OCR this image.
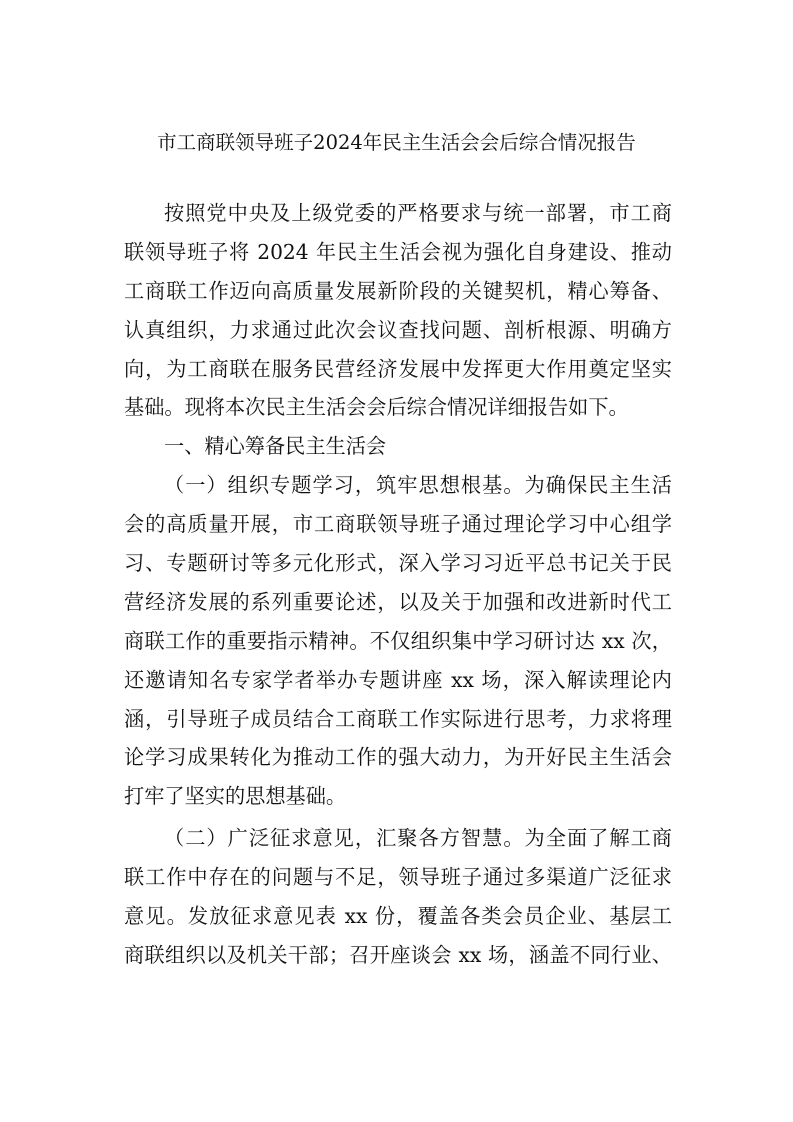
市工商联领导班子2024年民主生活会会后综合情况报告
按照党中央及上级党委的严格要求与统一部署，市工商
联领导班子将 2024 年民主生活会视为强化自身建设、推动
工商联工作迈向高质量发展新阶段的关键契机，精心筹备、
认真组织，力求通过此次会议查找问题、剖析根源、明确方
向，为工商联在服务民营经济发展中发挥更大作用奠定坚实
基础。现将本次民主生活会会后综合情况详细报告如下。
一、精心筹备民主生活会
（一）组织专题学习，筑牢思想根基。为确保民主生活
会的高质量开展，市工商联领导班子通过理论学习中心组学
习、专题研讨等多元化形式，深入学习习近平总书记关于民
营经济发展的系列重要论述，以及关于加强和改进新时代工
商联工作的重要指示精神。不仅组织集中学习研讨达 xx 次，
还邀请知名专家学者举办专题讲座 xx 场，深入解读理论内
涵，引导班子成员结合工商联工作实际进行思考，力求将理
论学习成果转化为推动工作的强大动力，为开好民主生活会
打牢了坚实的思想基础。
（二）广泛征求意见，汇聚各方智慧。为全面了解工商
联工作中存在的问题与不足，领导班子通过多渠道广泛征求
意见。发放征求意见表 xx 份，覆盖各类会员企业、基层工
商联组织以及机关干部；召开座谈会 xx 场，涵盖不同行业、
